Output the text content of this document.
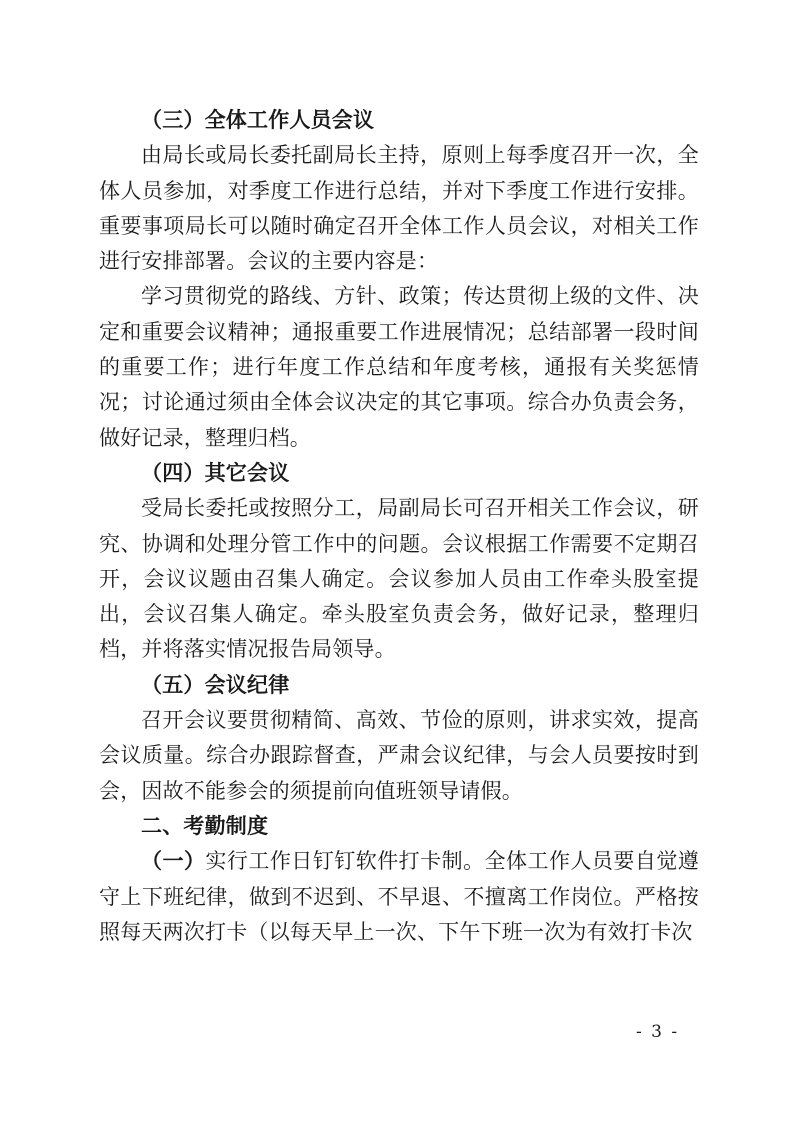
（三）全体工作人员会议

由局长或局长委托副局长主持，原则上每季度召开一次，全体人员参加，对季度工作进行总结，并对下季度工作进行安排。重要事项局长可以随时确定召开全体工作人员会议，对相关工作进行安排部署。会议的主要内容是：

学习贯彻党的路线、方针、政策；传达贯彻上级的文件、决定和重要会议精神；通报重要工作进展情况；总结部署一段时间的重要工作；进行年度工作总结和年度考核，通报有关奖惩情况；讨论通过须由全体会议决定的其它事项。综合办负责会务，做好记录，整理归档。

（四）其它会议

受局长委托或按照分工，局副局长可召开相关工作会议，研究、协调和处理分管工作中的问题。会议根据工作需要不定期召开，会议议题由召集人确定。会议参加人员由工作牵头股室提出，会议召集人确定。牵头股室负责会务，做好记录，整理归档，并将落实情况报告局领导。

（五）会议纪律

召开会议要贯彻精简、高效、节俭的原则，讲求实效，提高会议质量。综合办跟踪督查，严肃会议纪律，与会人员要按时到会，因故不能参会的须提前向值班领导请假。

二、考勤制度

（一）实行工作日钉钉软件打卡制。全体工作人员要自觉遵守上下班纪律，做到不迟到、不早退、不擅离工作岗位。严格按照每天两次打卡（以每天早上一次、下午下班一次为有效打卡次

- 3 -
